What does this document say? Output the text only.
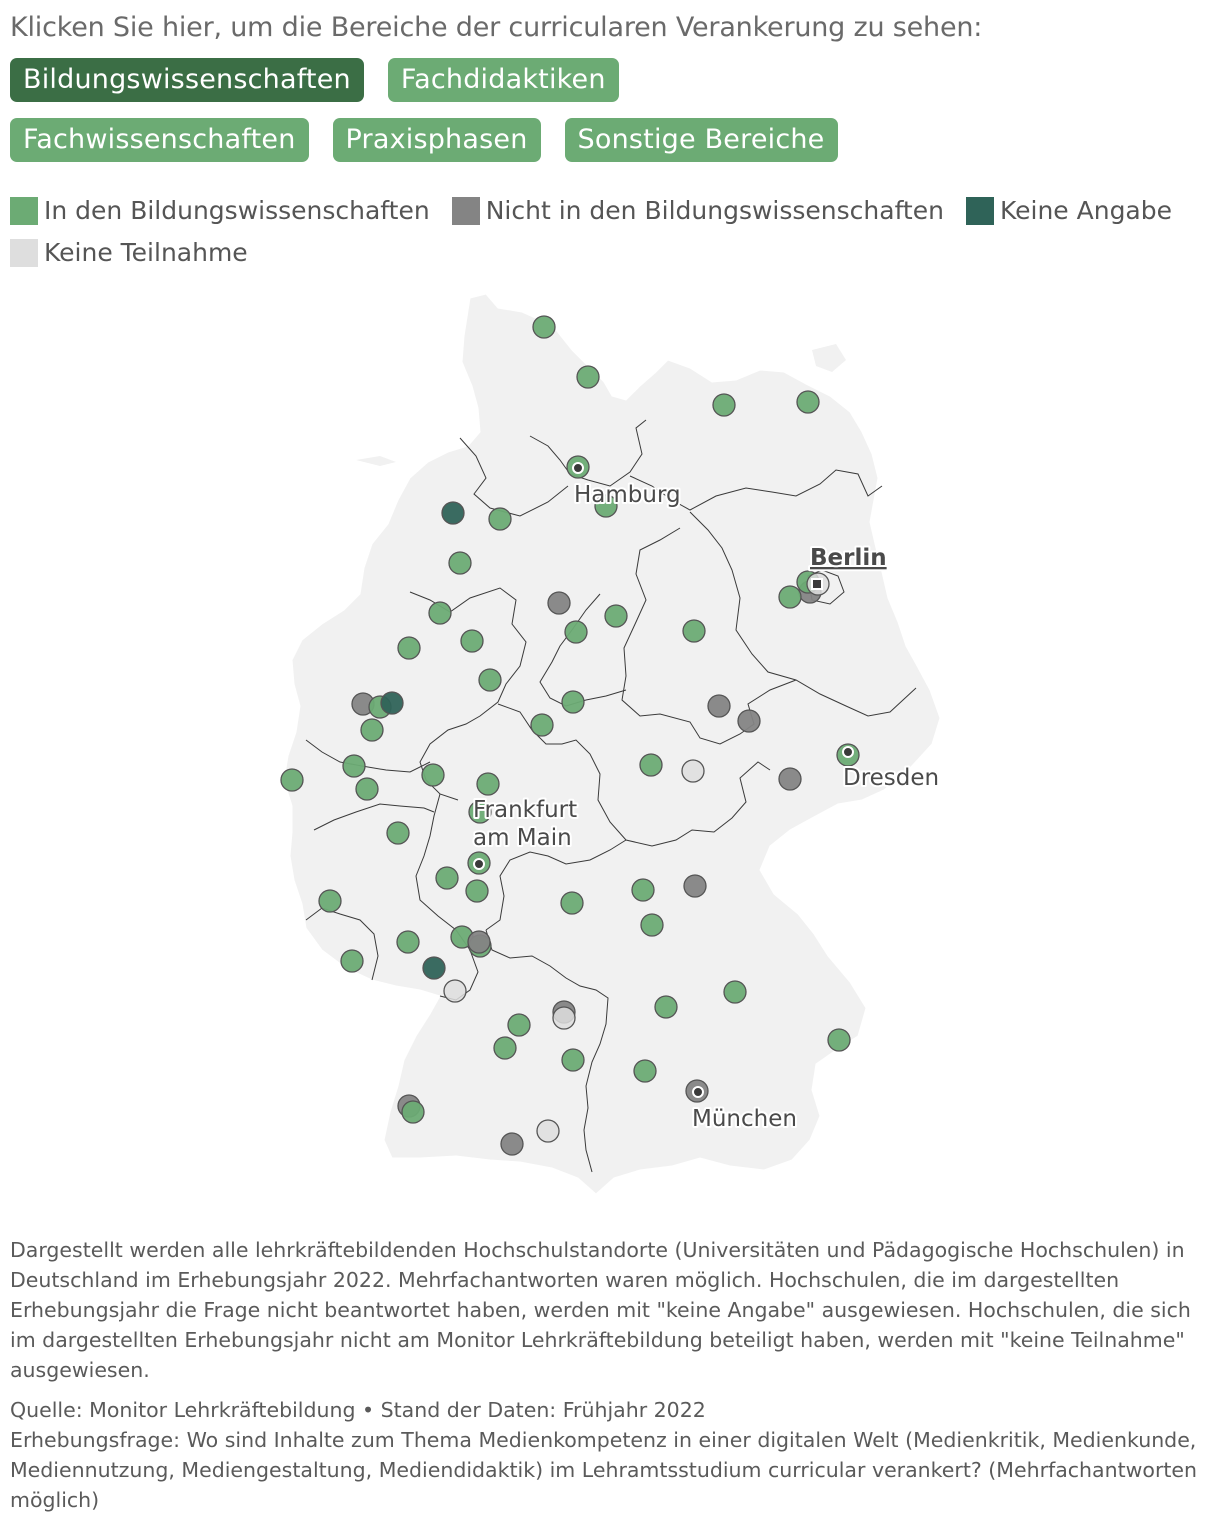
Klicken Sie hier, um die Bereiche der curricularen Verankerung zu sehen:
Bildungswissenschaften	Fachdidaktiken
Fachwissenschaften	Praxisphasen	Sonstige Bereiche
In den Bildungswissenschaften Nicht in den Bildungswissenschaften Keine Angabe
Keine Teilnahme
Hamburg
Berlin
Dresden
Frankfurt
am Main
München
Dargestellt werden alle lehrkräftebildenden Hochschulstandorte (Universitäten und Pädagogische Hochschulen) in Deutschland im Erhebungsjahr 2022. Mehrfachantworten waren möglich. Hochschulen, die im dargestellten Erhebungsjahr die Frage nicht beantwortet haben, werden mit "keine Angabe" ausgewiesen. Hochschulen, die sich im dargestellten Erhebungsjahr nicht am Monitor Lehrkräftebildung beteiligt haben, werden mit "keine Teilnahme" ausgewiesen.
Quelle: Monitor Lehrkräftebildung • Stand der Daten: Frühjahr 2022
Erhebungsfrage: Wo sind Inhalte zum Thema Medienkompetenz in einer digitalen Welt (Medienkritik, Medienkunde, Mediennutzung, Mediengestaltung, Mediendidaktik) im Lehramtsstudium curricular verankert? (Mehrfachantworten möglich)
